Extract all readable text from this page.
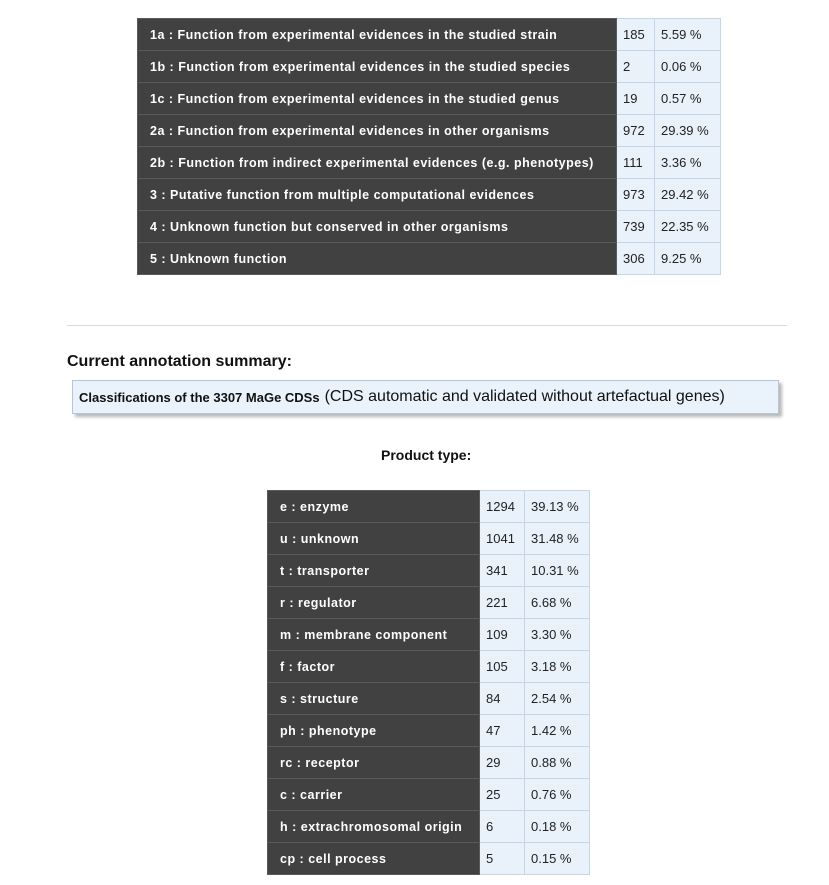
1a : Function from experimental evidences in the studied strain	185	5.59 %
1b : Function from experimental evidences in the studied species	2	0.06 %
1c : Function from experimental evidences in the studied genus	19	0.57 %
2a : Function from experimental evidences in other organisms	972	29.39 %
2b : Function from indirect experimental evidences (e.g. phenotypes)	111	3.36 %
3 : Putative function from multiple computational evidences	973	29.42 %
4 : Unknown function but conserved in other organisms	739	22.35 %
5 : Unknown function	306	9.25 %
Current annotation summary:
Classifications of the 3307 MaGe CDSs (CDS automatic and validated without artefactual genes)
Product type:
e : enzyme	1294	39.13 %
u : unknown	1041	31.48 %
t : transporter	341	10.31 %
r : regulator	221	6.68 %
m : membrane component	109	3.30 %
f : factor	105	3.18 %
s : structure	84	2.54 %
ph : phenotype	47	1.42 %
rc : receptor	29	0.88 %
c : carrier	25	0.76 %
h : extrachromosomal origin	6	0.18 %
cp : cell process	5	0.15 %
